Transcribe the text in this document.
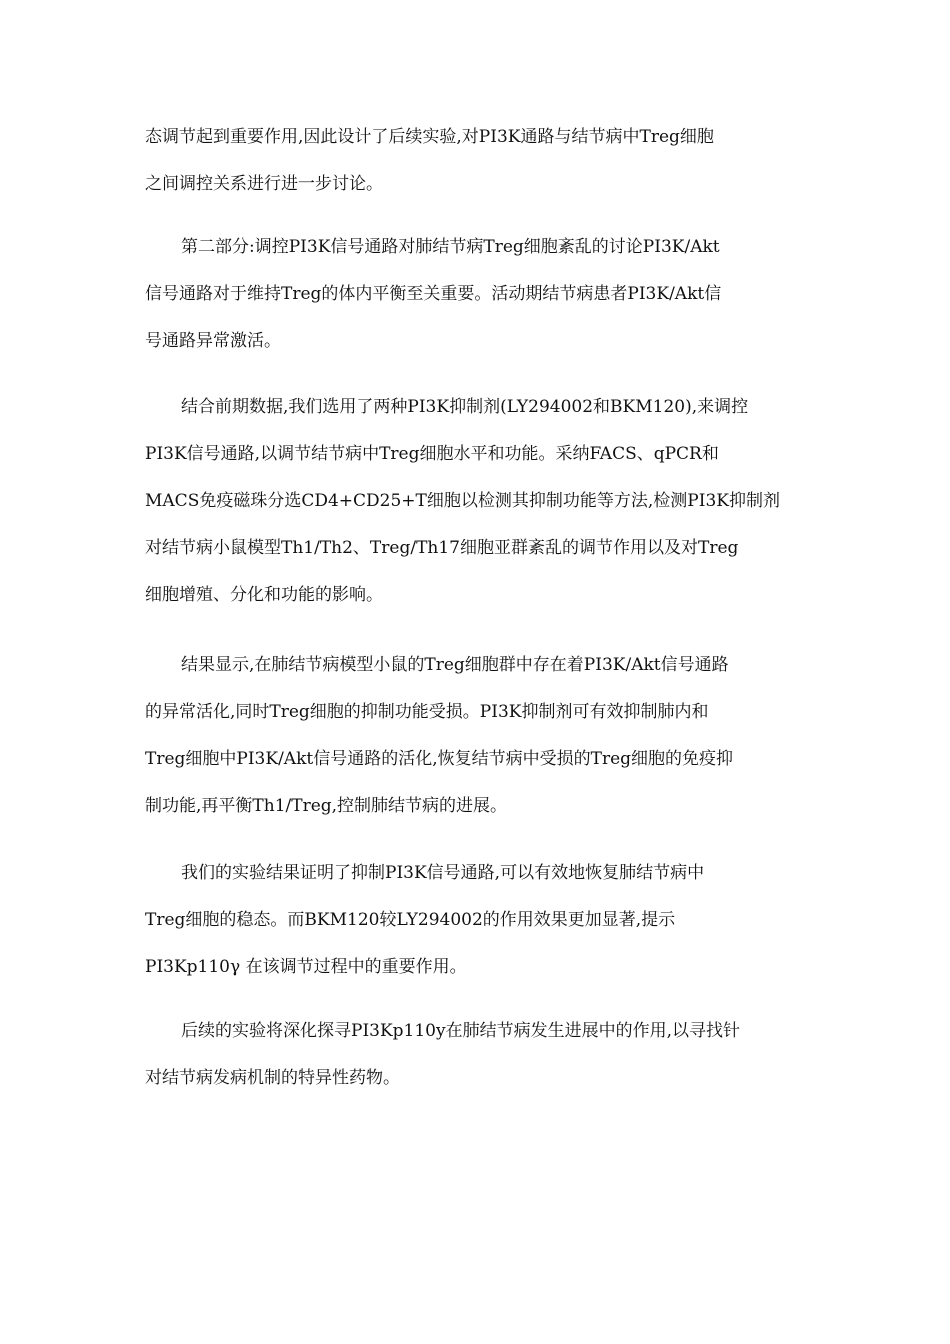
态调节起到重要作用,因此设计了后续实验,对PI3K通路与结节病中Treg细胞
之间调控关系进行进一步讨论。
第二部分:调控PI3K信号通路对肺结节病Treg细胞紊乱的讨论PI3K/Akt
信号通路对于维持Treg的体内平衡至关重要。活动期结节病患者PI3K/Akt信
号通路异常激活。
结合前期数据,我们选用了两种PI3K抑制剂(LY294002和BKM120),来调控
PI3K信号通路,以调节结节病中Treg细胞水平和功能。采纳FACS、qPCR和
MACS免疫磁珠分选CD4+CD25+T细胞以检测其抑制功能等方法,检测PI3K抑制剂
对结节病小鼠模型Th1/Th2、Treg/Th17细胞亚群紊乱的调节作用以及对Treg
细胞增殖、分化和功能的影响。
结果显示,在肺结节病模型小鼠的Treg细胞群中存在着PI3K/Akt信号通路
的异常活化,同时Treg细胞的抑制功能受损。PI3K抑制剂可有效抑制肺内和
Treg细胞中PI3K/Akt信号通路的活化,恢复结节病中受损的Treg细胞的免疫抑
制功能,再平衡Th1/Treg,控制肺结节病的进展。
我们的实验结果证明了抑制PI3K信号通路,可以有效地恢复肺结节病中
Treg细胞的稳态。而BKM120较LY294002的作用效果更加显著,提示
PI3Kp110γ 在该调节过程中的重要作用。
后续的实验将深化探寻PI3Kp110y在肺结节病发生进展中的作用,以寻找针
对结节病发病机制的特异性药物。
